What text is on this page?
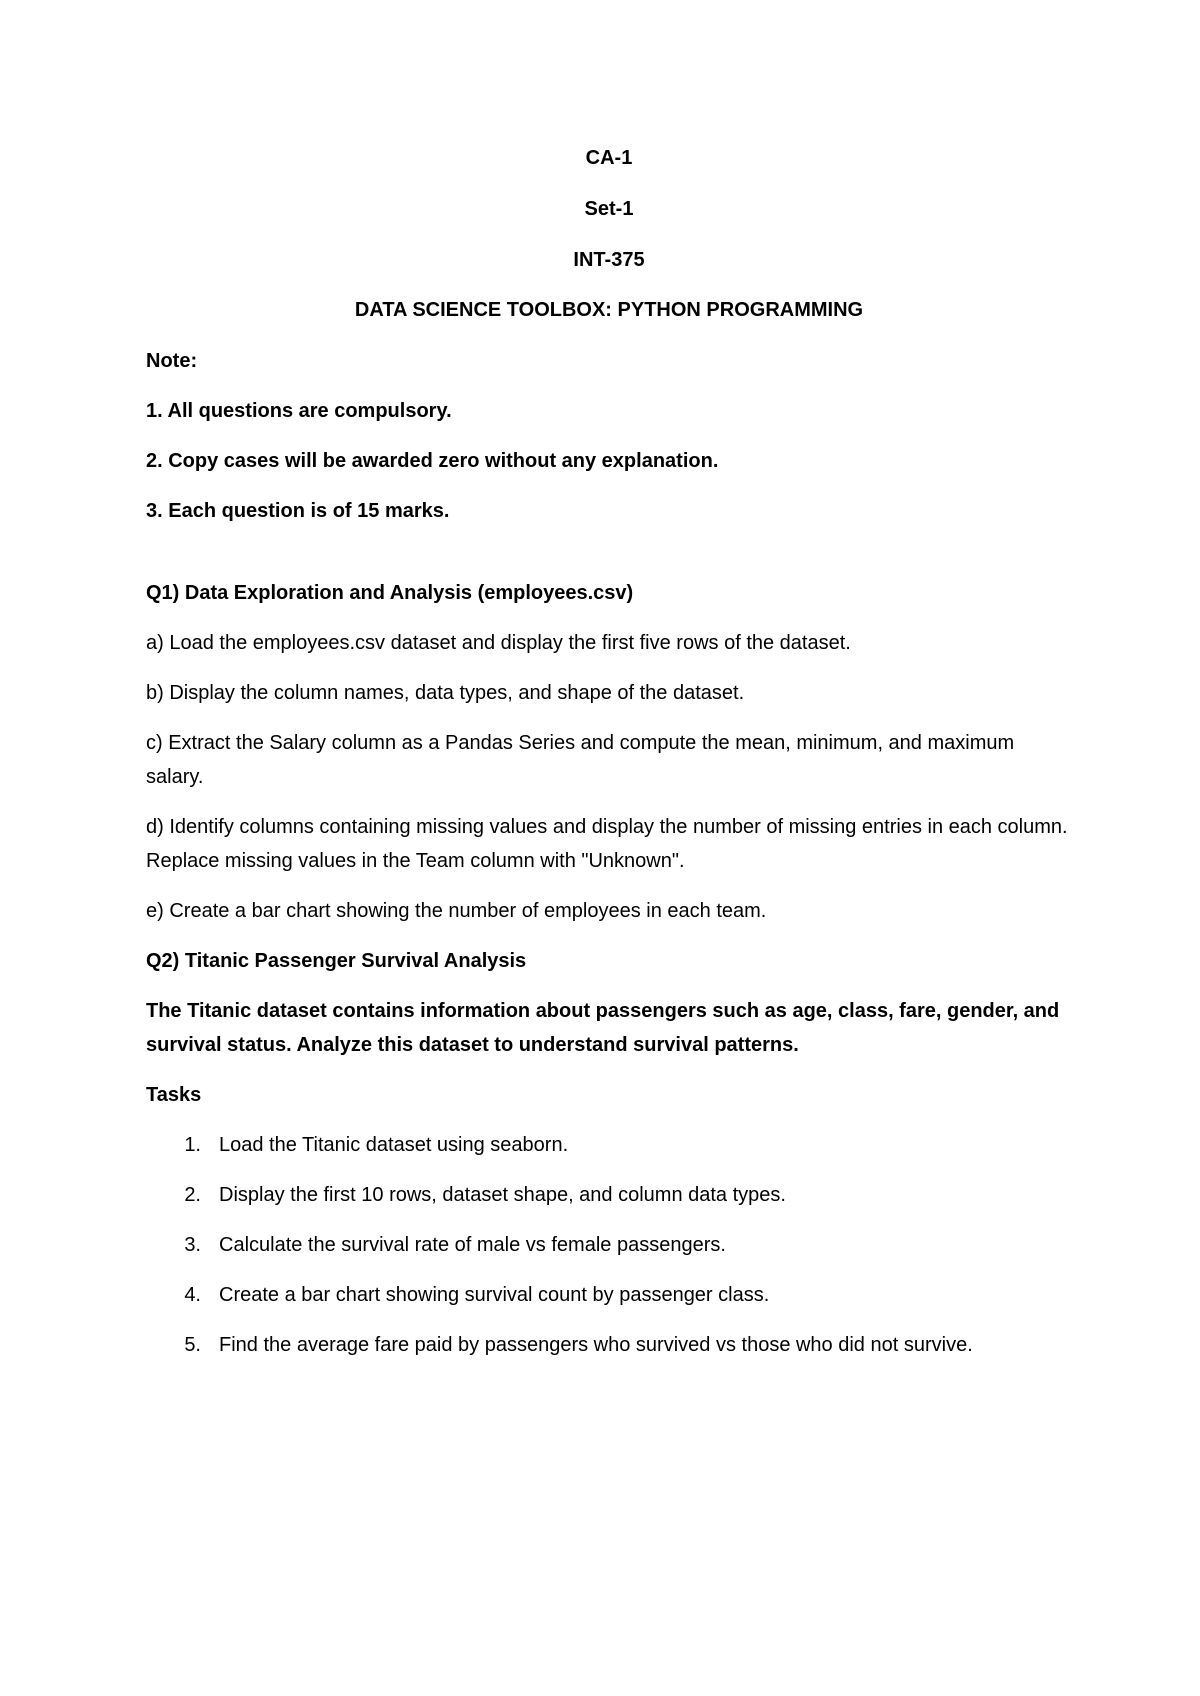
CA-1

Set-1

INT-375

DATA SCIENCE TOOLBOX: PYTHON PROGRAMMING

Note:

1. All questions are compulsory.

2. Copy cases will be awarded zero without any explanation.

3. Each question is of 15 marks.

Q1) Data Exploration and Analysis (employees.csv)

a) Load the employees.csv dataset and display the first five rows of the dataset.

b) Display the column names, data types, and shape of the dataset.

c) Extract the Salary column as a Pandas Series and compute the mean, minimum, and maximum salary.

d) Identify columns containing missing values and display the number of missing entries in each column. Replace missing values in the Team column with "Unknown".

e) Create a bar chart showing the number of employees in each team.

Q2) Titanic Passenger Survival Analysis

The Titanic dataset contains information about passengers such as age, class, fare, gender, and survival status. Analyze this dataset to understand survival patterns.

Tasks

1. Load the Titanic dataset using seaborn.
2. Display the first 10 rows, dataset shape, and column data types.
3. Calculate the survival rate of male vs female passengers.
4. Create a bar chart showing survival count by passenger class.
5. Find the average fare paid by passengers who survived vs those who did not survive.
